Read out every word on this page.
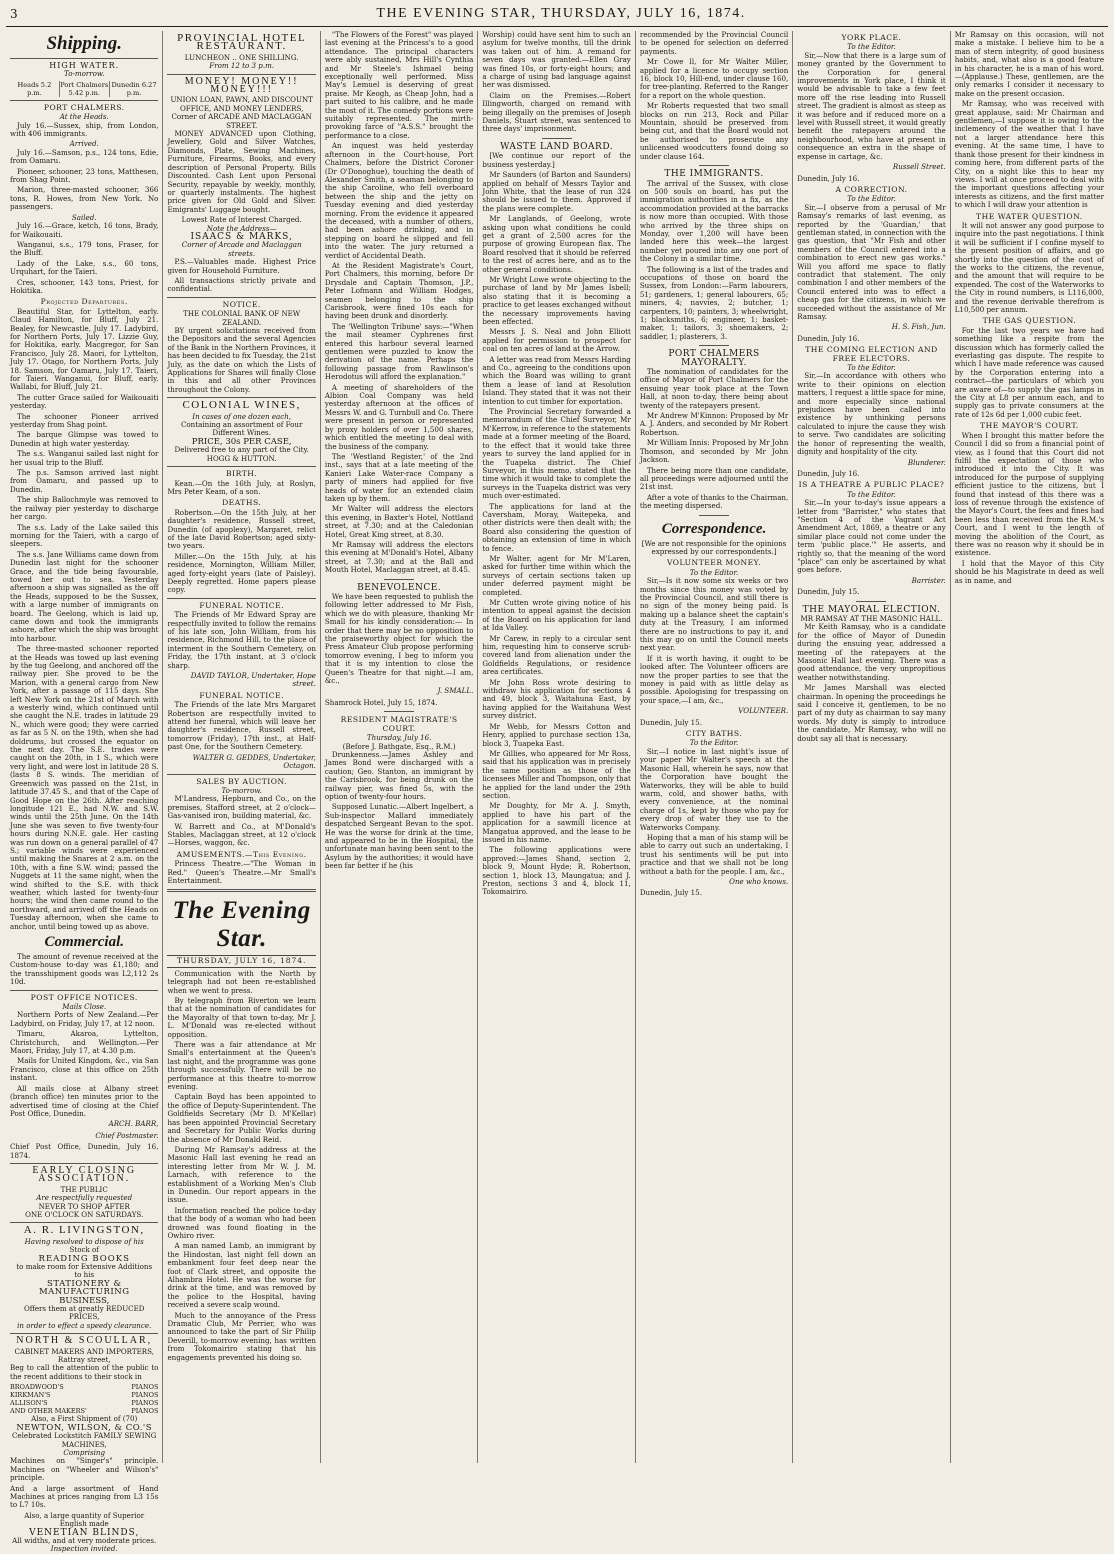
3	THE EVENING STAR, THURSDAY, JULY 16, 1874.
Shipping.
HIGH WATER.
To-morrow.
Heads 5.2 p.m.
Port Chalmers 5.42 p.m.
Dunedin 6.27 p.m.
PORT CHALMERS.
At the Heads.

July 16.—Sussex, ship, from London, with 406 immigrants.

Arrived.

July 16.—Samson, p.s., 124 tons, Edie, from Oamaru.

Pioneer, schooner, 23 tons, Matthesen, from Shag Point.

Marion, three-masted schooner, 366 tons, R. Howes, from New York. No passengers.

Sailed.

July 16.—Grace, ketch, 16 tons, Brady, for Waikouaiti.

Wanganui, s.s., 179 tons, Fraser, for the Bluff.

Lady of the Lake, s.s., 60 tons, Urquhart, for the Taieri.

Cres, schooner, 143 tons, Priest, for Hokitika.

Projected Departures.

Beautiful Star, for Lyttelton, early. Claud Hamilton, for Bluff, July 21. Bealey, for Newcastle, July 17. Ladybird, for Northern Ports, July 17. Lizzie Guy, for Hokitika, early. Macgregor, for San Francisco, July 28. Maori, for Lyttelton, July 17. Otago, for Northern Ports, July 18. Samson, for Oamaru, July 17. Taieri, for Taieri. Wanganui, for Bluff, early. Wallabi, for Bluff, July 21.

The cutter Grace sailed for Waikouaiti yesterday.

The schooner Pioneer arrived yesterday from Shag point.

The barque Glimpse was towed to Dunedin at high water yesterday.

The s.s. Wanganui sailed last night for her usual trip to the Bluff.

The p.s. Samson arrived last night from Oamaru, and passed up to Dunedin.

The ship Ballochmyle was removed to the railway pier yesterday to discharge her cargo.

The s.s. Lady of the Lake sailed this morning for the Taieri, with a cargo of sleepers.

The s.s. Jane Williams came down from Dunedin last night for the schooner Grace, and the tide being favourable, towed her out to sea. Yesterday afternoon a ship was signalled as the off the Heads, supposed to be the Sussex, with a large number of immigrants on board. The Geelong, which is laid up, came down and took the immigrants ashore, after which the ship was brought into harbour.

The three-masted schooner reported at the Heads was towed up last evening by the tug Geelong, and anchored off the railway pier. She proved to be the Marion, with a general cargo from New York, after a passage of 115 days. She left New York on the 21st of March with a westerly wind, which continued until she caught the N.E. trades in latitude 29 N., which were good; they were carried as far as 5 N. on the 19th, when she had doldrums, but crossed the equator on the next day. The S.E. trades were caught on the 20th, in 1 S., which were very light, and were lost in latitude 28 S. (lasts 8 S. winds. The meridian of Greenwich was passed on the 21st, in latitude 37.45 S., and that of the Cape of Good Hope on the 26th. After reaching longitude 121 E., had N.W. and S.W. winds until the 25th June. On the 14th June she was seven to five twenty-four hours during N.N.E. gale. Her casting was run down on a general parallel of 47 S.; variable winds were experienced until making the Snares at 2 a.m. on the 10th, with a fine S.W. wind; passed the Nuggets at 11 the same night, when the wind shifted to the S.E. with thick weather, which lasted for twenty-four hours; the wind then came round to the northward, and arrived off the Heads on Tuesday afternoon, when she came to anchor, until being towed up as above.

Commercial.

The amount of revenue received at the Custom-house to-day was £1,180; and the transshipment goods was L2,112 2s 10d.

POST OFFICE NOTICES.
Mails Close.

Northern Ports of New Zealand.—Per Ladybird, on Friday, July 17, at 12 noon.

Timaru, Akaroa, Lyttelton, Christchurch, and Wellington.—Per Maori, Friday, July 17, at 4.30 p.m.

Mails for United Kingdom, &c., via San Francisco, close at this office on 25th instant.

All mails close at Albany street (branch office) ten minutes prior to the advertised time of closing at the Chief Post Office, Dunedin.

ARCH. BARR,
Chief Postmaster.

Chief Post Office, Dunedin, July 16, 1874.

EARLY CLOSING ASSOCIATION.
THE PUBLIC
Are respectfully requested
NEVER TO SHOP AFTER
ONE O'CLOCK ON SATURDAYS.
A. R. LIVINGSTON,
Having resolved to dispose of his
Stock of
READING BOOKS
to make room for Extensive Additions
to his
STATIONERY & MANUFACTURING
BUSINESS,
Offers them at greatly REDUCED PRICES,
in order to effect a speedy clearance.
NORTH & SCOULLAR,
CABINET MAKERS AND IMPORTERS, Rattray street,

Beg to call the attention of the public to the recent additions to their stock in

BROADWOOD'S	PIANOS
KIRKMAN'S	PIANOS
ALLISON'S	PIANOS
AND OTHER MAKERS'	PIANOS
Also, a First Shipment of (70)
NEWTON, WILSON, & CO.'S
Celebrated Lockstitch FAMILY SEWING MACHINES,
Comprising

Machines on "Singer's" principle. Machines on "Wheeler and Wilson's" principle.

And a large assortment of Hand Machines at prices ranging from L3 15s to L7 10s.

Also, a large quantity of Superior English made
VENETIAN BLINDS,
All widths, and at very moderate prices.
Inspection invited.
PROVINCIAL HOTEL RESTAURANT.
LUNCHEON .. ONE SHILLING.
From 12 to 3 p.m.
MONEY! MONEY!! MONEY!!!
UNION LOAN, PAWN, AND DISCOUNT OFFICE, AND MONEY LENDERS,
Corner of ARCADE AND MACLAGGAN STREET.

MONEY ADVANCED upon Clothing, Jewellery, Gold and Silver Watches, Diamonds, Plate, Sewing Machines, Furniture, Firearms, Books, and every description of Personal Property. Bills Discounted. Cash Lent upon Personal Security, repayable by weekly, monthly, or quarterly instalments. The highest price given for Old Gold and Silver. Emigrants' Luggage bought.

Lowest Rate of Interest Charged.
Note the Address—
ISAACS & MARKS,
Corner of Arcade and Maclaggan streets.

P.S.—Valuables made. Highest Price given for Household Furniture.

All transactions strictly private and confidential.

NOTICE.
THE COLONIAL BANK OF NEW ZEALAND.

BY urgent solicitations received from the Depositors and the several Agencies of the Bank in the Northern Provinces, it has been decided to fix Tuesday, the 21st July, as the date on which the Lists of Applications for Shares will finally Close in this and all other Provinces throughout the Colony.

COLONIAL WINES,
In cases of one dozen each,
Containing an assortment of Four Different Wines.
PRICE, 30s PER CASE,
Delivered free to any part of the City.
HOGG & HUTTON.
BIRTH.

Kean.—On the 16th July, at Roslyn, Mrs Peter Keam, of a son.

DEATHS.

Robertson.—On the 15th July, at her daughter's residence, Russell street, Dunedin (of apoplexy), Margaret, relict of the late David Robertson; aged sixty-two years.

Miller.—On the 15th July, at his residence, Mornington, William Miller, aged forty-eight years (late of Paisley). Deeply regretted. Home papers please copy.

FUNERAL NOTICE.

The Friends of Mr Edward Spray are respectfully invited to follow the remains of his late son, John William, from his residence, Richmond Hill, to the place of interment in the Southern Cemetery, on Friday, the 17th instant, at 3 o'clock sharp.

DAVID TAYLOR, Undertaker, Hope street.
FUNERAL NOTICE.

The Friends of the late Mrs Margaret Robertson are respectfully invited to attend her funeral, which will leave her daughter's residence, Russell street, tomorrow (Friday), 17th inst., at Half-past One, for the Southern Cemetery.

WALTER G. GEDDES, Undertaker, Octagon.
SALES BY AUCTION.
To-morrow.

M'Landress, Hepburn, and Co., on the premises, Stafford street, at 2 o'clock—Gas-vanised iron, building material, &c.

W. Barrett and Co., at M'Donald's Stables, Maclaggan street, at 12 o'clock—Horses, waggon, &c.

AMUSEMENTS.—This Evening.

Princess Theatre.—"The Woman in Red." Queen's Theatre.—Mr Small's Entertainment.

The Evening Star.
THURSDAY, JULY 16, 1874.

Communication with the North by telegraph had not been re-established when we went to press.

By telegraph from Riverton we learn that at the nomination of candidates for the Mayoralty of that town to-day, Mr J. L. M'Donald was re-elected without opposition.

There was a fair attendance at Mr Small's entertainment at the Queen's last night, and the programme was gone through successfully. There will be no performance at this theatre to-morrow evening.

Captain Boyd has been appointed to the office of Deputy-Superintendent. The Goldfields Secretary (Mr D. M'Kellar) has been appointed Provincial Secretary and Secretary for Public Works during the absence of Mr Donald Reid.

During Mr Ramsay's address at the Masonic Hall last evening he read an interesting letter from Mr W. J. M. Larnach, with reference to the establishment of a Working Men's Club in Dunedin. Our report appears in the issue.

Information reached the police to-day that the body of a woman who had been drowned was found floating in the Owhiro river.

A man named Lamb, an immigrant by the Hindostan, last night fell down an embankment four feet deep near the foot of Clark street, and opposite the Alhambra Hotel. He was the worse for drink at the time, and was removed by the police to the Hospital, having received a severe scalp wound.

Much to the annoyance of the Press Dramatic Club, Mr Perrier, who was announced to take the part of Sir Philip Deverill, to-morrow evening, has written from Tokomairiro stating that his engagements prevented his doing so.

"The Flowers of the Forest" was played last evening at the Princess's to a good attendance. The principal characters were ably sustained, Mrs Hill's Cynthia and Mr Steele's Ishmael being exceptionally well performed. Miss May's Lemuel is deserving of great praise. Mr Keogh, as Cheap John, had a part suited to his calibre, and he made the most of it. The comedy portions were suitably represented. The mirth-provoking farce of "A.S.S." brought the performance to a close.

An inquest was held yesterday afternoon in the Court-house, Port Chalmers, before the District Coroner (Dr O'Donoghue), touching the death of Alexander Smith, a seaman belonging to the ship Caroline, who fell overboard between the ship and the jetty on Tuesday evening and died yesterday morning. From the evidence it appeared the deceased, with a number of others, had been ashore drinking, and in stepping on board he slipped and fell into the water. The jury returned a verdict of Accidental Death.

At the Resident Magistrate's Court, Port Chalmers, this morning, before Dr Drysdale and Captain Thomson, J.P., Peter Lofmann and William Hodges, seamen belonging to the ship Carisbrook, were fined 10s each for having been drunk and disorderly.

The 'Wellington Tribune' says:—"When the mail steamer Cyphrenes first entered this harbour several learned gentlemen were puzzled to know the derivation of the name. Perhaps the following passage from Rawlinson's Herodotus will afford the explanation."

A meeting of shareholders of the Albion Coal Company was held yesterday afternoon at the offices of Messrs W. and G. Turnbull and Co. There were present in person or represented by proxy holders of over 1,500 shares, which entitled the meeting to deal with the business of the company.

The 'Westland Register,' of the 2nd inst., says that at a late meeting of the Kanieri Lake Water-race Company a party of miners had applied for five heads of water for an extended claim taken up by them.

Mr Walter will address the electors this evening, in Baxter's Hotel, Nottland street, at 7.30; and at the Caledonian Hotel, Great King street, at 8.30.

Mr Ramsay will address the electors this evening at M'Donald's Hotel, Albany street, at 7.30; and at the Ball and Mouth Hotel, Maclaggan street, at 8.45.

BENEVOLENCE.

We have been requested to publish the following letter addressed to Mr Fish, which we do with pleasure, thanking Mr Small for his kindly consideration:— In order that there may be no opposition to the praiseworthy object for which the Press Amateur Club propose performing tomorrow evening, I beg to inform you that it is my intention to close the Queen's Theatre for that night.—I am, &c.,

J. SMALL.

Shamrock Hotel, July 15, 1874.

RESIDENT MAGISTRATE'S COURT.
Thursday, July 16.
(Before J. Bathgate, Esq., R.M.)

Drunkenness.—James Ashley and James Bond were discharged with a caution; Geo. Stanton, an immigrant by the Carisbrook, for being drunk on the railway pier, was fined 5s, with the option of twenty-four hours.

Supposed Lunatic.—Albert Ingelbert, a Sub-inspector Mallard immediately despatched Sergeant Bevan to the spot. He was the worse for drink at the time, and appeared to be in the Hospital, the unfortunate man having been sent to the Asylum by the authorities; it would have been far better if he (his

Worship) could have sent him to such an asylum for twelve months, till the drink was taken out of him. A remand for seven days was granted.—Ellen Gray was fined 10s, or forty-eight hours; and a charge of using bad language against her was dismissed.

Claim on the Premises.—Robert Illingworth, charged on remand with being illegally on the premises of Joseph Daniels, Stuart street, was sentenced to three days' imprisonment.

WASTE LAND BOARD.

[We continue our report of the business yesterday.]

Mr Saunders (of Barton and Saunders) applied on behalf of Messrs Taylor and John White, that the lease of run 324 should be issued to them. Approved if the plans were complete.

Mr Langlands, of Geelong, wrote asking upon what conditions he could get a grant of 2,500 acres for the purpose of growing European flax. The Board resolved that it should be referred to the rest of acres here, and as to the other general conditions.

Mr Wright Lowe wrote objecting to the purchase of land by Mr James Isbell; also stating that it is becoming a practice to get leases exchanged without the necessary improvements having been effected.

Messrs J. S. Neal and John Elliott applied for permission to prospect for coal on ten acres of land at the Arrow.

A letter was read from Messrs Harding and Co., agreeing to the conditions upon which the Board was willing to grant them a lease of land at Resolution Island. They stated that it was not their intention to cut timber for exportation.

The Provincial Secretary forwarded a memorandum of the Chief Surveyor, Mr M'Kerrow, in reference to the statements made at a former meeting of the Board, to the effect that it would take three years to survey the land applied for in the Tuapeka district. The Chief Surveyor, in this memo, stated that the time which it would take to complete the surveys in the Tuapeka district was very much over-estimated.

The applications for land at the Caversham, Moray, Waitepeka, and other districts were then dealt with; the Board also considering the question of obtaining an extension of time in which to fence.

Mr Walter, agent for Mr M'Laren, asked for further time within which the surveys of certain sections taken up under deferred payment might be completed.

Mr Cutten wrote giving notice of his intention to appeal against the decision of the Board on his application for land at Ida Valley.

Mr Carew, in reply to a circular sent him, requesting him to conserve scrub-covered land from alienation under the Goldfields Regulations, or residence area certificates.

Mr John Ross wrote desiring to withdraw his application for sections 4 and 49, block 3, Waitahuna East, by having applied for the Waitahuna West survey district.

Mr Webb, for Messrs Cotton and Henry, applied to purchase section 13a, block 3, Tuapeka East.

Mr Gillies, who appeared for Mr Ross, said that his application was in precisely the same position as those of the licensees Miller and Thompson, only that he applied for the land under the 29th section.

Mr Doughty, for Mr A. J. Smyth, applied to have his part of the application for a sawmill licence at Mangatua approved, and the lease to be issued in his name.

The following applications were approved:—James Shand, section 2, block 9, Mount Hyde; R. Robertson, section 1, block 13, Maungatua; and J. Preston, sections 3 and 4, block 11, Tokomairiro.

recommended by the Provincial Council to be opened for selection on deferred payments.

Mr Cowe ll, for Mr Walter Miller, applied for a licence to occupy section 16, block 10, Hill-end, under clause 160, for tree-planting. Referred to the Ranger for a report on the whole question.

Mr Roberts requested that two small blocks on run 213, Rock and Pillar Mountain, should be preserved from being cut, and that the Board would not be authorised to prosecute any unlicensed woodcutters found doing so under clause 164.

THE IMMIGRANTS.

The arrival of the Sussex, with close on 500 souls on board, has put the immigration authorities in a fix, as the accommodation provided at the barracks is now more than occupied. With those who arrived by the three ships on Monday, over 1,200 will have been landed here this week—the largest number yet poured into any one port of the Colony in a similar time.

The following is a list of the trades and occupations of those on board the Sussex, from London:—Farm labourers, 51; gardeners, 1; general labourers, 65; miners, 4; navvies, 2; butcher, 1; carpenters, 10; painters, 3; wheelwright, 1; blacksmiths, 6; engineer, 1; basket-maker, 1; tailors, 3; shoemakers, 2; saddler, 1; plasterers, 3.

PORT CHALMERS MAYORALTY.

The nomination of candidates for the office of Mayor of Port Chalmers for the ensuing year took place at the Town Hall, at noon to-day, there being about twenty of the ratepayers present.

Mr Andrew M'Kinnon: Proposed by Mr A. J. Anders, and seconded by Mr Robert Robertson.

Mr William Innis: Proposed by Mr John Thomson, and seconded by Mr John Jackson.

There being more than one candidate, all proceedings were adjourned until the 21st inst.

After a vote of thanks to the Chairman, the meeting dispersed.

Correspondence.

[We are not responsible for the opinions expressed by our correspondents.]

VOLUNTEER MONEY.
To the Editor.

Sir,—Is it now some six weeks or two months since this money was voted by the Provincial Council, and still there is no sign of the money being paid. Is making up a balance sheet the captain's duty at the Treasury, I am informed there are no instructions to pay it, and this may go on until the Council meets next year.

If it is worth having, it ought to be looked after. The Volunteer officers are now the proper parties to see that the money is paid with as little delay as possible. Apologising for trespassing on your space,—I am, &c.,

VOLUNTEER.

Dunedin, July 15.

CITY BATHS.
To the Editor.

Sir,—I notice in last night's issue of your paper Mr Walter's speech at the Masonic Hall, wherein he says, now that the Corporation have bought the Waterworks, they will be able to build warm, cold, and shower baths, with every convenience, at the nominal charge of 1s, kept by those who pay for every drop of water they use to the Waterworks Company.

Hoping that a man of his stamp will be able to carry out such an undertaking, I trust his sentiments will be put into practice and that we shall not be long without a bath for the people. I am, &c.,

One who knows.

Dunedin, July 15.

YORK PLACE.
To the Editor.

Sir,—Now that there is a large sum of money granted by the Government to the Corporation for general improvements in York place, I think it would be advisable to take a few feet more off the rise leading into Russell street. The gradient is almost as steep as it was before and if reduced more on a level with Russell street, it would greatly benefit the ratepayers around the neighbourhood, who have at present in consequence an extra in the shape of expense in cartage, &c.

Russell Street.

Dunedin, July 16.

A CORRECTION.
To the Editor.

Sir,—I observe from a perusal of Mr Ramsay's remarks of last evening, as reported by the 'Guardian,' that gentleman stated, in connection with the gas question, that "Mr Fish and other members of the Council entered into a combination to erect new gas works." Will you afford me space to flatly contradict that statement. The only combination I and other members of the Council entered into was to effect a cheap gas for the citizens, in which we succeeded without the assistance of Mr Ramsay.

H. S. Fish, Jun.

Dunedin, July 16.

THE COMING ELECTION AND FREE ELECTORS.
To the Editor.

Sir,—In accordance with others who write to their opinions on election matters, I request a little space for mine, and more especially since national prejudices have been called into existence by unthinking persons calculated to injure the cause they wish to serve. Two candidates are soliciting the honor of representing the wealth, dignity and hospitality of the city.

Blunderer.

Dunedin, July 16.

IS A THEATRE A PUBLIC PLACE?
To the Editor.

Sir,—In your to-day's issue appears a letter from "Barrister," who states that "Section 4 of the Vagrant Act Amendment Act, 1869, a theatre or any similar place could not come under the term 'public place.'" He asserts, and rightly so, that the meaning of the word "place" can only be ascertained by what goes before.

Barrister.

Dunedin, July 15.

THE MAYORAL ELECTION.
MR RAMSAY AT THE MASONIC HALL.

Mr Keith Ramsay, who is a candidate for the office of Mayor of Dunedin during the ensuing year, addressed a meeting of the ratepayers at the Masonic Hall last evening. There was a good attendance, the very unpropitious weather notwithstanding.

Mr James Marshall was elected chairman. In opening the proceedings he said I conceive it, gentlemen, to be no part of my duty as chairman to say many words. My duty is simply to introduce the candidate, Mr Ramsay, who will no doubt say all that is necessary.

Mr Ramsay on this occasion, will not make a mistake. I believe him to be a man of stern integrity, of good business habits, and, what also is a good feature in his character, he is a man of his word.—(Applause.) These, gentlemen, are the only remarks I consider it necessary to make on the present occasion.

Mr Ramsay, who was received with great applause, said: Mr Chairman and gentlemen,—I suppose it is owing to the inclemency of the weather that I have not a larger attendance here this evening. At the same time, I have to thank those present for their kindness in coming here, from different parts of the City, on a night like this to hear my views. I will at once proceed to deal with the important questions affecting your interests as citizens, and the first matter to which I will draw your attention is

THE WATER QUESTION.

It will not answer any good purpose to inquire into the past negotiations. I think it will be sufficient if I confine myself to the present position of affairs, and go shortly into the question of the cost of the works to the citizens, the revenue, and the amount that will require to be expended. The cost of the Waterworks to the City in round numbers, is L116,000, and the revenue derivable therefrom is L10,500 per annum.

THE GAS QUESTION.

For the last two years we have had something like a respite from the discussion which has formerly called the everlasting gas dispute. The respite to which I have made reference was caused by the Corporation entering into a contract—the particulars of which you are aware of—to supply the gas lamps in the City at L8 per annum each, and to supply gas to private consumers at the rate of 12s 6d per 1,000 cubic feet.

THE MAYOR'S COURT.

When I brought this matter before the Council I did so from a financial point of view, as I found that this Court did not fulfil the expectation of those who introduced it into the City. It was introduced for the purpose of supplying efficient justice to the citizens, but I found that instead of this there was a loss of revenue through the existence of the Mayor's Court, the fees and fines had been less than received from the R.M.'s Court, and I went to the length of moving the abolition of the Court, as there was no reason why it should be in existence.

I hold that the Mayor of this City should be his Magistrate in deed as well as in name, and
